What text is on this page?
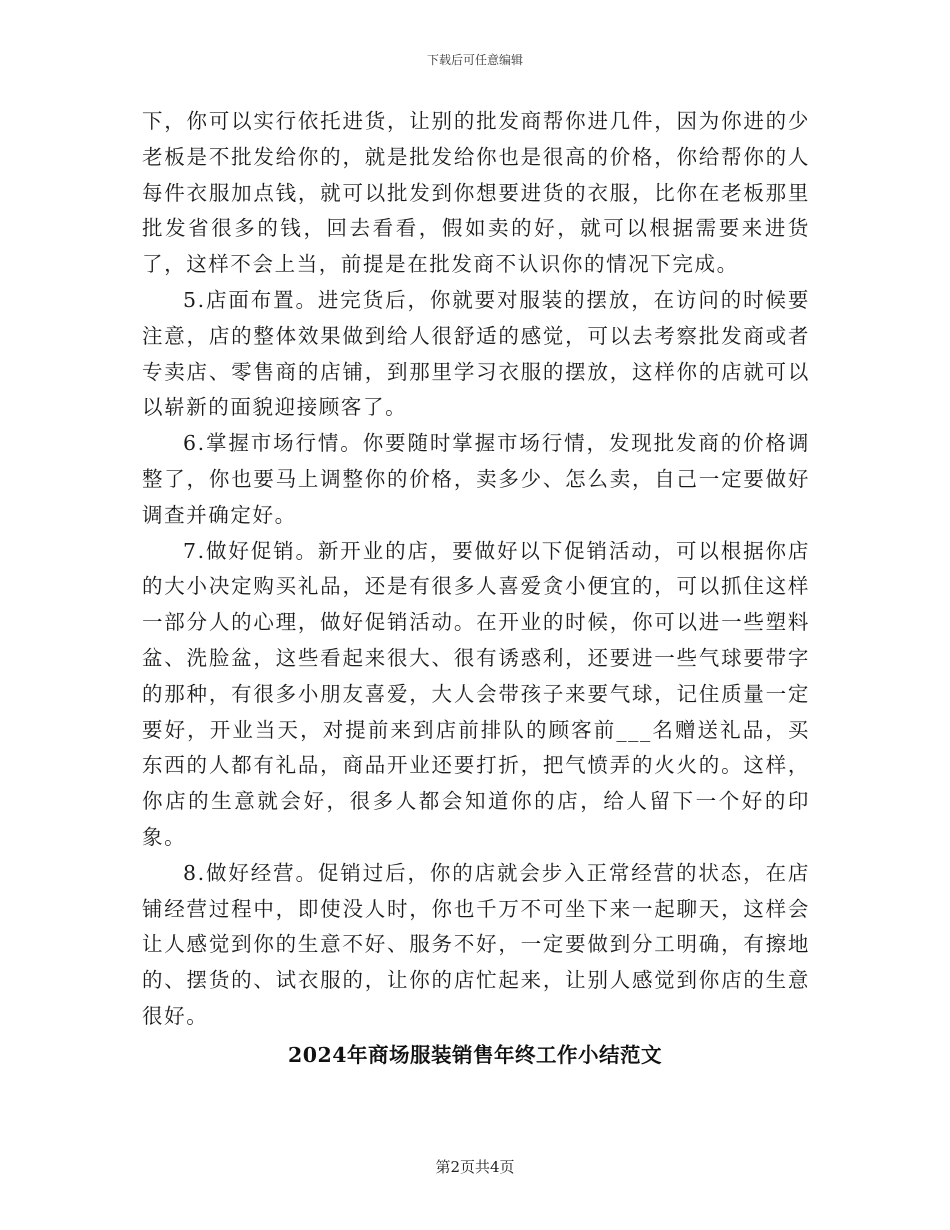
下载后可任意编辑

下，你可以实行依托进货，让别的批发商帮你进几件，因为你进的少老板是不批发给你的，就是批发给你也是很高的价格，你给帮你的人每件衣服加点钱，就可以批发到你想要进货的衣服，比你在老板那里批发省很多的钱，回去看看，假如卖的好，就可以根据需要来进货了，这样不会上当，前提是在批发商不认识你的情况下完成。

5.店面布置。进完货后，你就要对服装的摆放，在访问的时候要注意，店的整体效果做到给人很舒适的感觉，可以去考察批发商或者专卖店、零售商的店铺，到那里学习衣服的摆放，这样你的店就可以以崭新的面貌迎接顾客了。

6.掌握市场行情。你要随时掌握市场行情，发现批发商的价格调整了，你也要马上调整你的价格，卖多少、怎么卖，自己一定要做好调查并确定好。

7.做好促销。新开业的店，要做好以下促销活动，可以根据你店的大小决定购买礼品，还是有很多人喜爱贪小便宜的，可以抓住这样一部分人的心理，做好促销活动。在开业的时候，你可以进一些塑料盆、洗脸盆，这些看起来很大、很有诱惑利，还要进一些气球要带字的那种，有很多小朋友喜爱，大人会带孩子来要气球，记住质量一定要好，开业当天，对提前来到店前排队的顾客前___名赠送礼品，买东西的人都有礼品，商品开业还要打折，把气愤弄的火火的。这样，你店的生意就会好，很多人都会知道你的店，给人留下一个好的印象。

8.做好经营。促销过后，你的店就会步入正常经营的状态，在店铺经营过程中，即使没人时，你也千万不可坐下来一起聊天，这样会让人感觉到你的生意不好、服务不好，一定要做到分工明确，有擦地的、摆货的、试衣服的，让你的店忙起来，让别人感觉到你店的生意很好。

2024年商场服装销售年终工作小结范文
第2页共4页
